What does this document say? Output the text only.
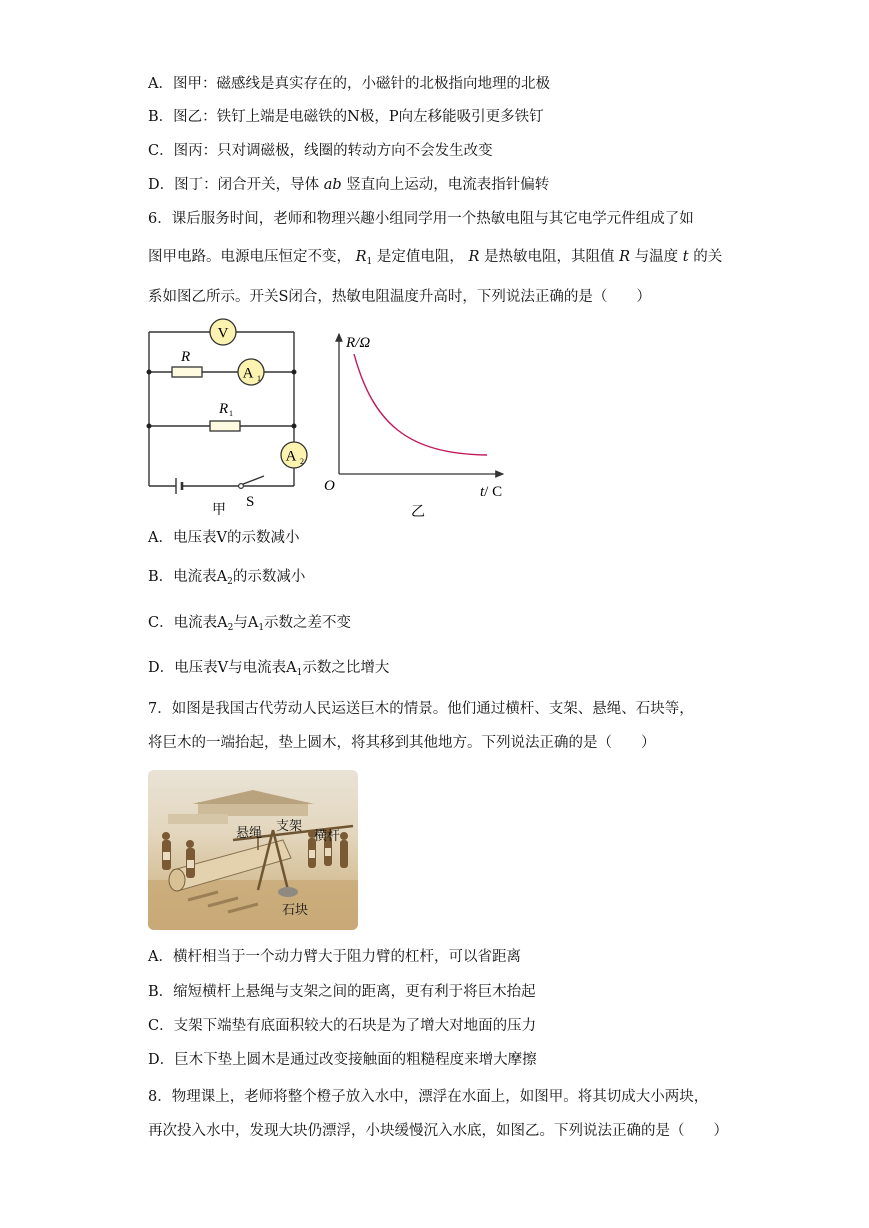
A．图甲：磁感线是真实存在的，小磁针的北极指向地理的北极
B．图乙：铁钉上端是电磁铁的N极，P向左移能吸引更多铁钉
C．图丙：只对调磁极，线圈的转动方向不会发生改变
D．图丁：闭合开关，导体 ab 竖直向上运动，电流表指针偏转
6．课后服务时间，老师和物理兴趣小组同学用一个热敏电阻与其它电学元件组成了如
图甲电路。电源电压恒定不变， $R_1$ 是定值电阻， R 是热敏电阻，其阻值 R 与温度 t 的关
系如图乙所示。开关S闭合，热敏电阻温度升高时，下列说法正确的是（　　）
V
A 1
A 2
R
R 1
S
甲
R/Ω
O	t/ C
乙
A．电压表V的示数减小
B．电流表$A_2$的示数减小
C．电流表$A_2$与$A_1$示数之差不变
D．电压表V与电流表$A_1$示数之比增大
7．如图是我国古代劳动人民运送巨木的情景。他们通过横杆、支架、悬绳、石块等，
将巨木的一端抬起，垫上圆木，将其移到其他地方。下列说法正确的是（　　）
悬绳 支架
横杆
石块
A．横杆相当于一个动力臂大于阻力臂的杠杆，可以省距离
B．缩短横杆上悬绳与支架之间的距离，更有利于将巨木抬起
C．支架下端垫有底面积较大的石块是为了增大对地面的压力
D．巨木下垫上圆木是通过改变接触面的粗糙程度来增大摩擦
8．物理课上，老师将整个橙子放入水中，漂浮在水面上，如图甲。将其切成大小两块，
再次投入水中，发现大块仍漂浮，小块缓慢沉入水底，如图乙。下列说法正确的是（　　）
